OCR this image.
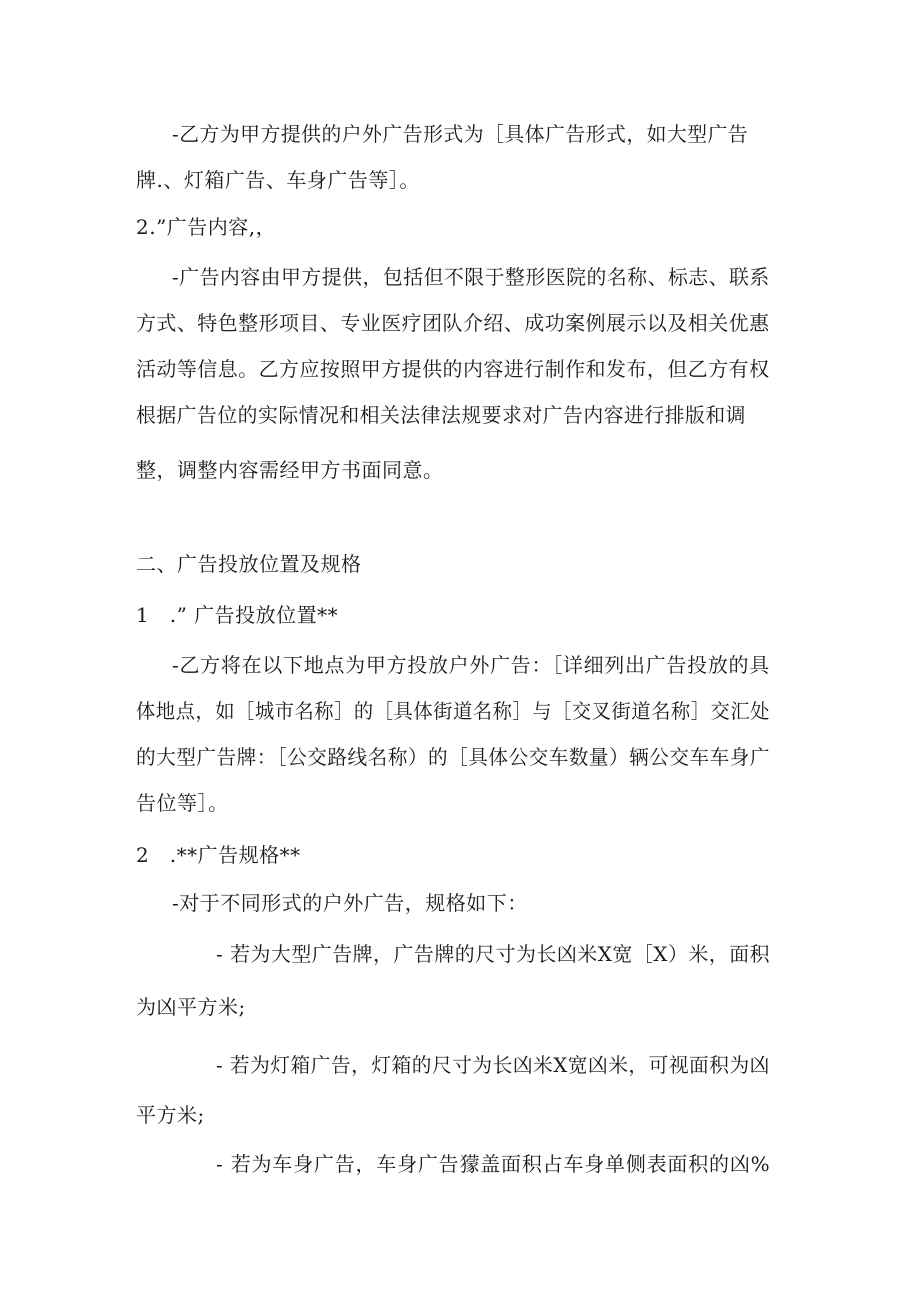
-乙方为甲方提供的户外广告形式为［具体广告形式，如大型广告
牌.、灯箱广告、车身广告等］。
2.”广告内容,，
-广告内容由甲方提供，包括但不限于整形医院的名称、标志、联系
方式、特色整形项目、专业医疗团队介绍、成功案例展示以及相关优惠
活动等信息。乙方应按照甲方提供的内容进行制作和发布，但乙方有权
根据广告位的实际情况和相关法律法规要求对广告内容进行排版和调
整，调整内容需经甲方书面同意。
二、广告投放位置及规格
1　.” 广告投放位置**
-乙方将在以下地点为甲方投放户外广告：［详细列出广告投放的具
体地点，如［城市名称］的［具体街道名称］与［交叉街道名称］交汇处
的大型广告牌：［公交路线名称）的［具体公交车数量）辆公交车车身广
告位等］。
2　.**广告规格**
-对于不同形式的户外广告，规格如下：
- 若为大型广告牌，广告牌的尺寸为长凶米X宽［X）米，面积
为凶平方米;
- 若为灯箱广告，灯箱的尺寸为长凶米X宽凶米，可视面积为凶
平方米;
- 若为车身广告，车身广告獴盖面积占车身单侧表面积的凶%
